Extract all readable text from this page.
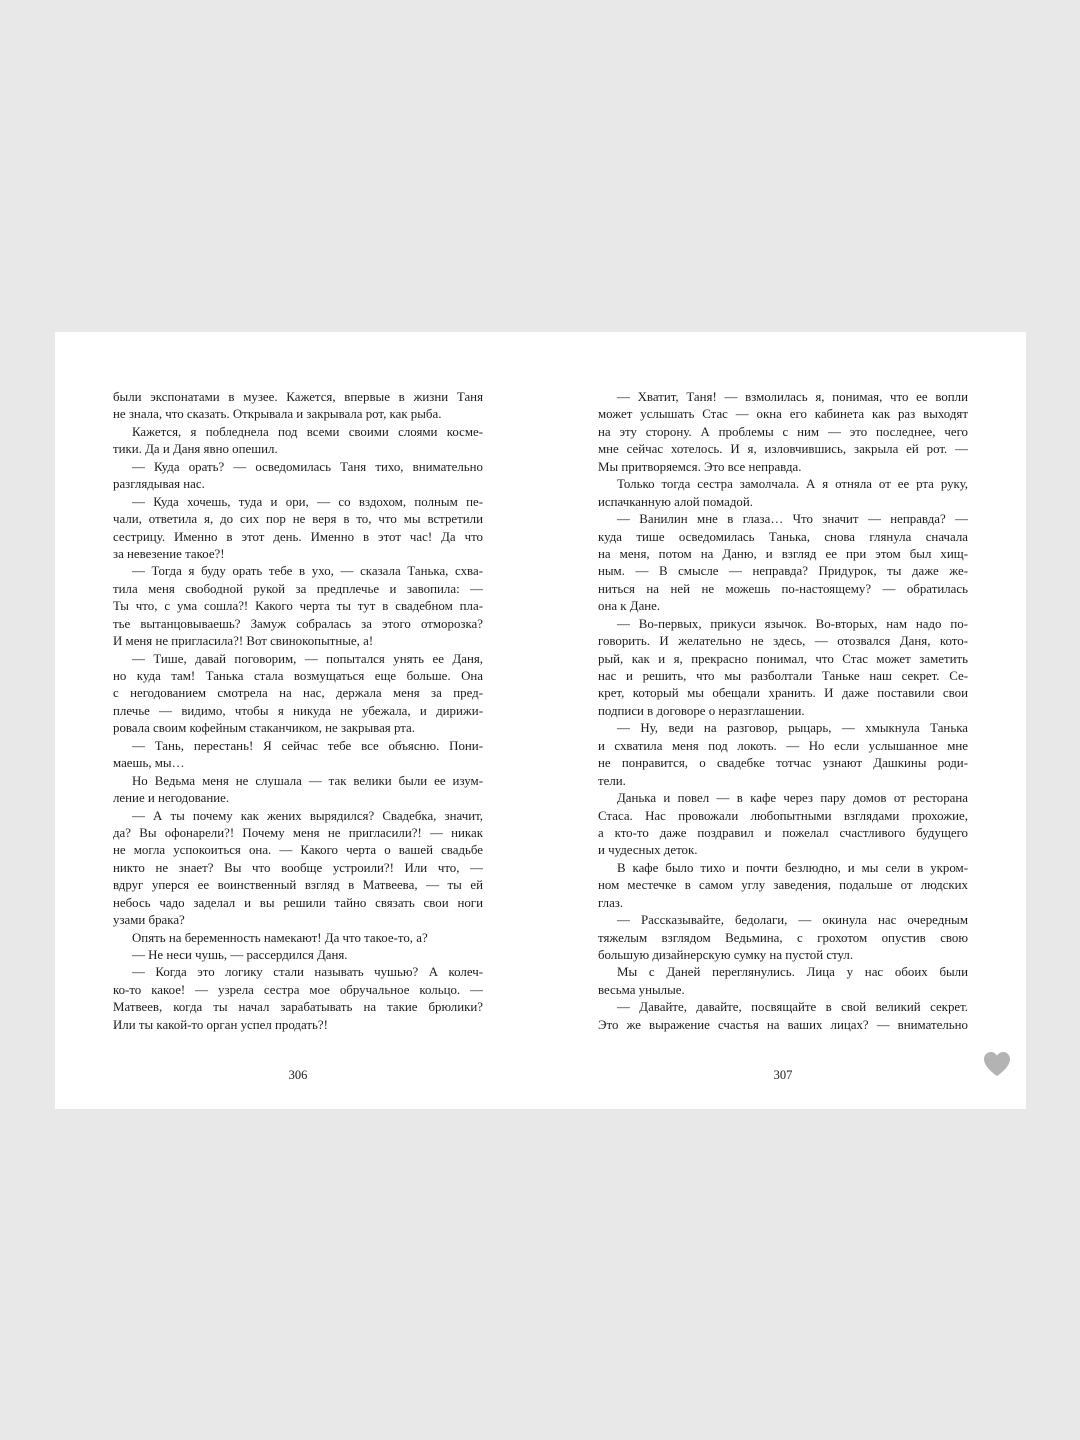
были экспонатами в музее. Кажется, впервые в жизни Таня
не знала, что сказать. Открывала и закрывала рот, как рыба.
Кажется, я побледнела под всеми своими слоями косме-
тики. Да и Даня явно опешил.
— Куда орать? — осведомилась Таня тихо, внимательно
разглядывая нас.
— Куда хочешь, туда и ори, — со вздохом, полным пе-
чали, ответила я, до сих пор не веря в то, что мы встретили
сестрицу. Именно в этот день. Именно в этот час! Да что
за невезение такое?!
— Тогда я буду орать тебе в ухо, — сказала Танька, схва-
тила меня свободной рукой за предплечье и завопила: —
Ты что, с ума сошла?! Какого черта ты тут в свадебном пла-
тье вытанцовываешь? Замуж собралась за этого отморозка?
И меня не пригласила?! Вот свинокопытные, а!
— Тише, давай поговорим, — попытался унять ее Даня,
но куда там! Танька стала возмущаться еще больше. Она
с негодованием смотрела на нас, держала меня за пред-
плечье — видимо, чтобы я никуда не убежала, и дирижи-
ровала своим кофейным стаканчиком, не закрывая рта.
— Тань, перестань! Я сейчас тебе все объясню. Пони-
маешь, мы…
Но Ведьма меня не слушала — так велики были ее изум-
ление и негодование.
— А ты почему как жених вырядился? Свадебка, значит,
да? Вы офонарели?! Почему меня не пригласили?! — никак
не могла успокоиться она. — Какого черта о вашей свадьбе
никто не знает? Вы что вообще устроили?! Или что, —
вдруг уперся ее воинственный взгляд в Матвеева, — ты ей
небось чадо заделал и вы решили тайно связать свои ноги
узами брака?
Опять на беременность намекают! Да что такое-то, а?
— Не неси чушь, — рассердился Даня.
— Когда это логику стали называть чушью? А колеч-
ко-то какое! — узрела сестра мое обручальное кольцо. —
Матвеев, когда ты начал зарабатывать на такие брюлики?
Или ты какой-то орган успел продать?!
— Хватит, Таня! — взмолилась я, понимая, что ее вопли
может услышать Стас — окна его кабинета как раз выходят
на эту сторону. А проблемы с ним — это последнее, чего
мне сейчас хотелось. И я, изловчившись, закрыла ей рот. —
Мы притворяемся. Это все неправда.
Только тогда сестра замолчала. А я отняла от ее рта руку,
испачканную алой помадой.
— Ванилин мне в глаза… Что значит — неправда? —
куда тише осведомилась Танька, снова глянула сначала
на меня, потом на Даню, и взгляд ее при этом был хищ-
ным. — В смысле — неправда? Придурок, ты даже же-
ниться на ней не можешь по-настоящему? — обратилась
она к Дане.
— Во-первых, прикуси язычок. Во-вторых, нам надо по-
говорить. И желательно не здесь, — отозвался Даня, кото-
рый, как и я, прекрасно понимал, что Стас может заметить
нас и решить, что мы разболтали Таньке наш секрет. Се-
крет, который мы обещали хранить. И даже поставили свои
подписи в договоре о неразглашении.
— Ну, веди на разговор, рыцарь, — хмыкнула Танька
и схватила меня под локоть. — Но если услышанное мне
не понравится, о свадебке тотчас узнают Дашкины роди-
тели.
Данька и повел — в кафе через пару домов от ресторана
Стаса. Нас провожали любопытными взглядами прохожие,
а кто-то даже поздравил и пожелал счастливого будущего
и чудесных деток.
В кафе было тихо и почти безлюдно, и мы сели в укром-
ном местечке в самом углу заведения, подальше от людских
глаз.
— Рассказывайте, бедолаги, — окинула нас очередным
тяжелым взглядом Ведьмина, с грохотом опустив свою
большую дизайнерскую сумку на пустой стул.
Мы с Даней переглянулись. Лица у нас обоих были
весьма унылые.
— Давайте, давайте, посвящайте в свой великий секрет.
Это же выражение счастья на ваших лицах? — внимательно
306	307
